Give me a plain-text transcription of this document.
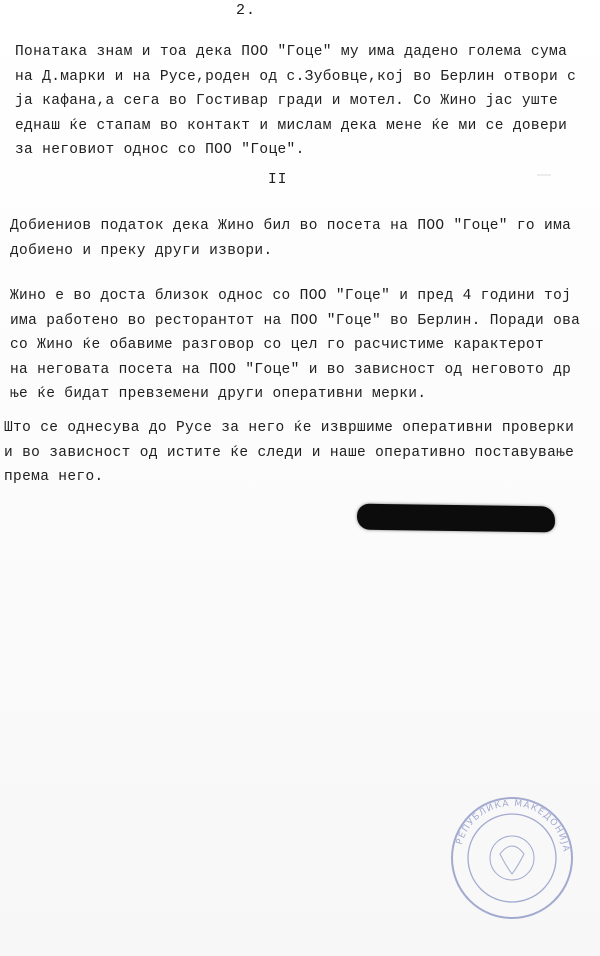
2.
Понатака знам и тоа дека ПОО "Гоце" му има дадено голема сума
на Д.марки и на Русе,роден од с.Зубовце,кој во Берлин отвори с
ја кафана,а сега во Гостивар гради и мотел. Со Жино јас уште
еднаш ќе стапам во контакт и мислам дека мене ќе ми се довери
за неговиот однос со ПОО "Гоце".
II
Добиениов податок дека Жино бил во посета на ПОО "Гоце" го има
добиено и преку други извори.
Жино е во доста близок однос со ПОО "Гоце" и пред 4 години тој
има работено во ресторантот на ПОО "Гоце" во Берлин. Поради ова
со Жино ќе обавиме разговор со цел го расчистиме карактерот
на неговата посета на ПОО "Гоце" и во зависност од неговото др
ње ќе бидат превземени други оперативни мерки.
Што се однесува до Русе за него ќе извршиме оперативни проверки
и во зависност од истите ќе следи и наше оперативно поставување
према него.
РЕПУБЛИКА МАКЕДОНИЈА
